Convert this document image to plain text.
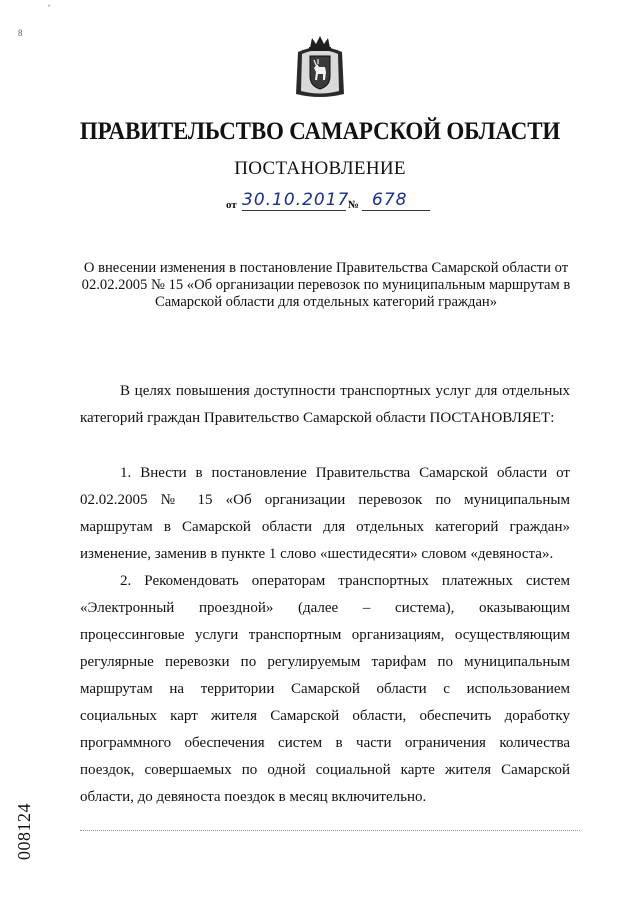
ᵒ
8
ПРАВИТЕЛЬСТВО САМАРСКОЙ ОБЛАСТИ
ПОСТАНОВЛЕНИЕ
от 30.10.2017
№ 678
О внесении изменения в постановление Правительства Самарской области от 02.02.2005 № 15 «Об организации перевозок по муниципальным маршрутам в Самарской области для отдельных категорий граждан»

В целях повышения доступности транспортных услуг для отдельных категорий граждан Правительство Самарской области ПОСТАНОВЛЯЕТ:

1. Внести в постановление Правительства Самарской области от 02.02.2005 № 15 «Об организации перевозок по муниципальным маршрутам в Самарской области для отдельных категорий граждан» изменение, заменив в пункте 1 слово «шестидесяти» словом «девяноста».

2. Рекомендовать операторам транспортных платежных систем «Электронный проездной» (далее – система), оказывающим процессинговые услуги транспортным организациям, осуществляющим регулярные перевозки по регулируемым тарифам по муниципальным маршрутам на территории Самарской области с использованием социальных карт жителя Самарской области, обеспечить доработку программного обеспечения систем в части ограничения количества поездок, совершаемых по одной социальной карте жителя Самарской области, до девяноста поездок в месяц включительно.

008124
